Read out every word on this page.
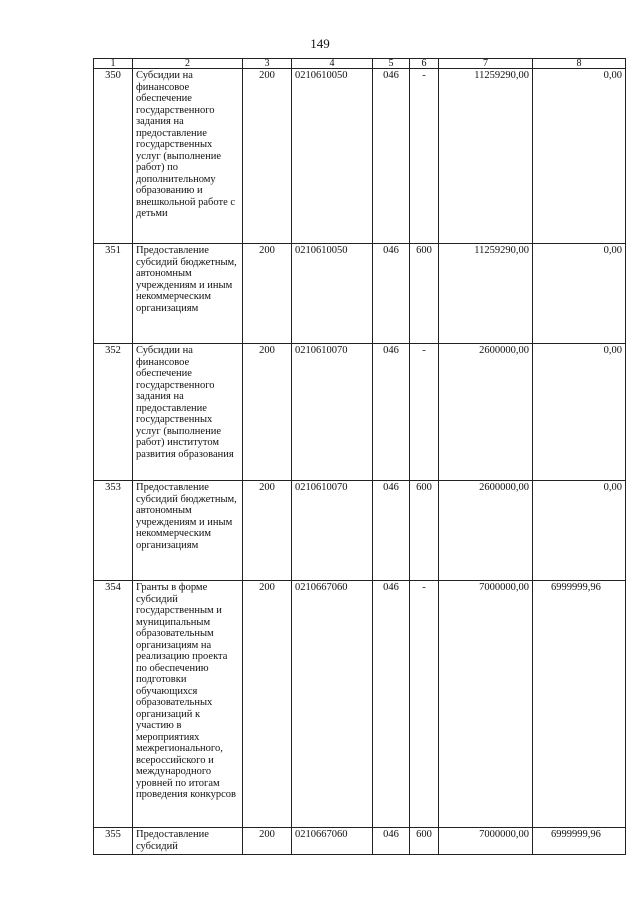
149
1	2	3	4	5	6	7	8
350	Субсидии на финансовое обеспечение государственного задания на предоставление государственных услуг (выполнение работ) по дополнительному образованию и внешкольной работе с детьми	200	0210610050	046	-	11259290,00	0,00
351	Предоставление субсидий бюджетным, автономным учреждениям и иным некоммерческим организациям	200	0210610050	046	600	11259290,00	0,00
352	Субсидии на финансовое обеспечение государственного задания на предоставление государственных услуг (выполнение работ) институтом развития образования	200	0210610070	046	-	2600000,00	0,00
353	Предоставление субсидий бюджетным, автономным учреждениям и иным некоммерческим организациям	200	0210610070	046	600	2600000,00	0,00
354	Гранты в форме субсидий государственным и муниципальным образовательным организациям на реализацию проекта по обеспечению подготовки обучающихся образовательных организаций к участию в мероприятиях межрегионального, всероссийского и международного уровней по итогам проведения конкурсов	200	0210667060	046	-	7000000,00	6999999,96
355	Предоставление субсидий	200	0210667060	046	600	7000000,00	6999999,96
